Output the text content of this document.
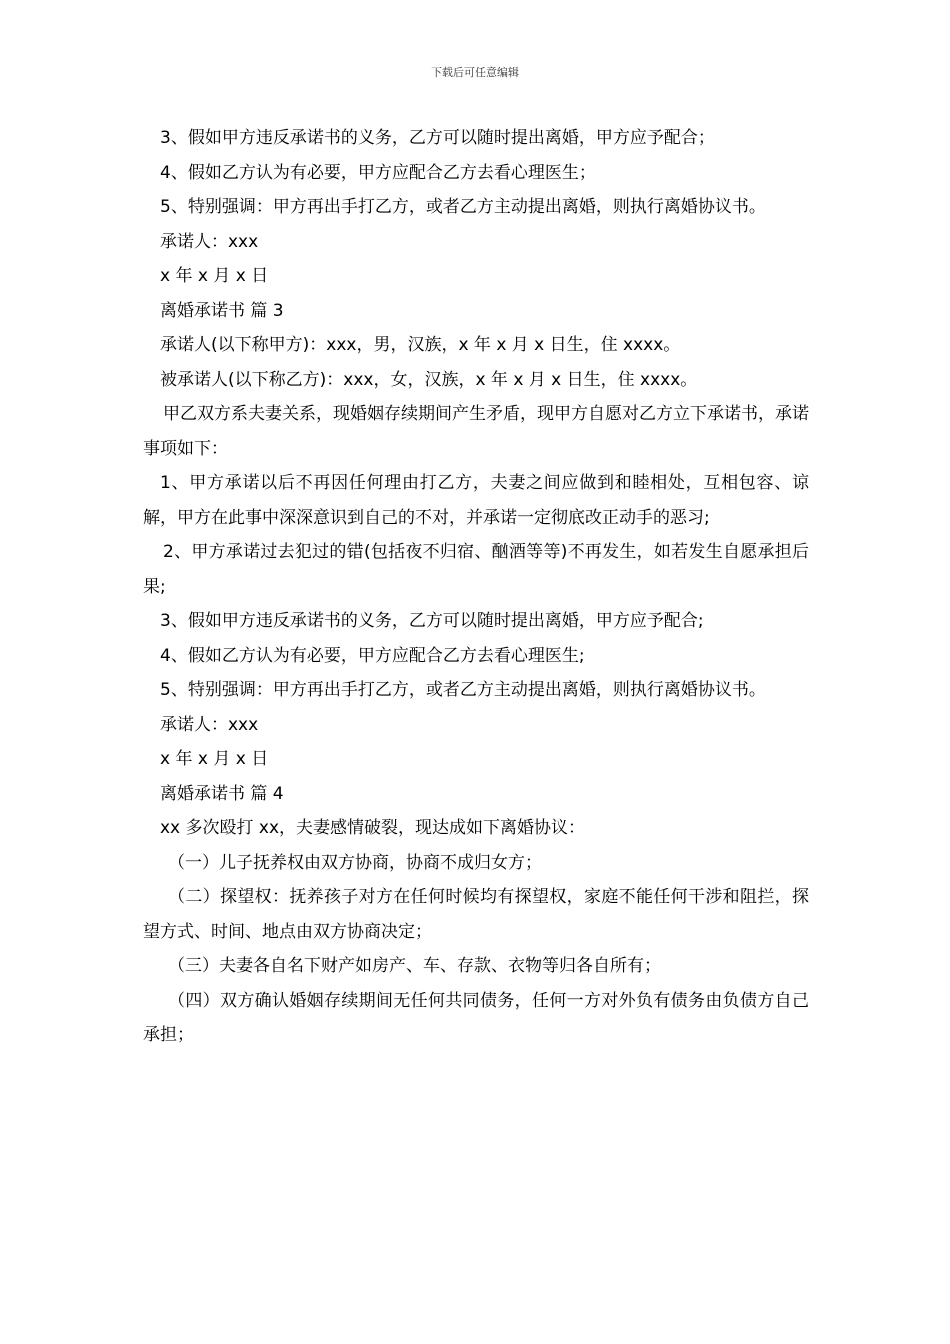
下载后可任意编辑

3、假如甲方违反承诺书的义务，乙方可以随时提出离婚，甲方应予配合；

4、假如乙方认为有必要，甲方应配合乙方去看心理医生；

5、特别强调：甲方再出手打乙方，或者乙方主动提出离婚，则执行离婚协议书。

承诺人：xxx

x 年 x 月 x 日

离婚承诺书 篇 3

承诺人(以下称甲方)：xxx，男，汉族，x 年 x 月 x 日生，住 xxxx。

被承诺人(以下称乙方)：xxx，女，汉族，x 年 x 月 x 日生，住 xxxx。

甲乙双方系夫妻关系，现婚姻存续期间产生矛盾，现甲方自愿对乙方立下承诺书，承诺事项如下：

1、甲方承诺以后不再因任何理由打乙方，夫妻之间应做到和睦相处，互相包容、谅解，甲方在此事中深深意识到自己的不对，并承诺一定彻底改正动手的恶习;

2、甲方承诺过去犯过的错(包括夜不归宿、酗酒等等)不再发生，如若发生自愿承担后果;

3、假如甲方违反承诺书的义务，乙方可以随时提出离婚，甲方应予配合;

4、假如乙方认为有必要，甲方应配合乙方去看心理医生;

5、特别强调：甲方再出手打乙方，或者乙方主动提出离婚，则执行离婚协议书。

承诺人：xxx

x 年 x 月 x 日

离婚承诺书 篇 4

xx 多次殴打 xx，夫妻感情破裂，现达成如下离婚协议：

（一）儿子抚养权由双方协商，协商不成归女方；

（二）探望权：抚养孩子对方在任何时候均有探望权，家庭不能任何干涉和阻拦，探望方式、时间、地点由双方协商决定；

（三）夫妻各自名下财产如房产、车、存款、衣物等归各自所有；

（四）双方确认婚姻存续期间无任何共同债务，任何一方对外负有债务由负债方自己承担；
